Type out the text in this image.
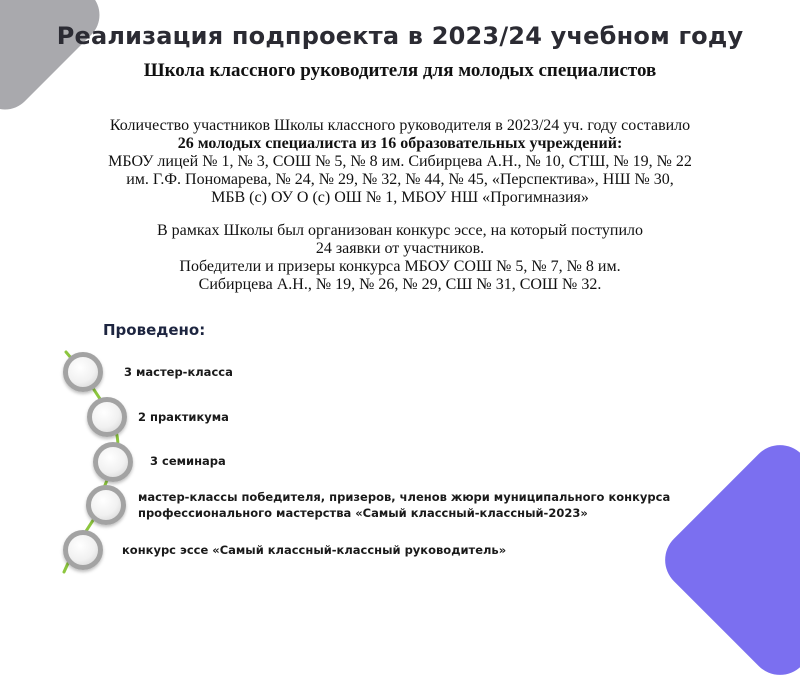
Реализация подпроекта в 2023/24 учебном году
Школа классного руководителя для молодых специалистов
Количество участников Школы классного руководителя в 2023/24 уч. году составило
26 молодых специалиста из 16 образовательных учреждений:
МБОУ лицей № 1, № 3, СОШ № 5, № 8 им. Сибирцева А.Н., № 10, СТШ, № 19, № 22
им. Г.Ф. Пономарева, № 24, № 29, № 32, № 44, № 45, «Перспектива», НШ № 30,
МБВ (с) ОУ О (с) ОШ № 1, МБОУ НШ «Прогимназия»
В рамках Школы был организован конкурс эссе, на который поступило
24 заявки от участников.
Победители и призеры конкурса МБОУ СОШ № 5, № 7, № 8 им.
Сибирцева А.Н., № 19, № 26, № 29, СШ № 31, СОШ № 32.
Проведено:
3 мастер-класса
2 практикума
3 семинара
мастер-классы победителя, призеров, членов жюри муниципального конкурса
профессионального мастерства «Самый классный-классный-2023»
конкурс эссе «Самый классный-классный руководитель»
